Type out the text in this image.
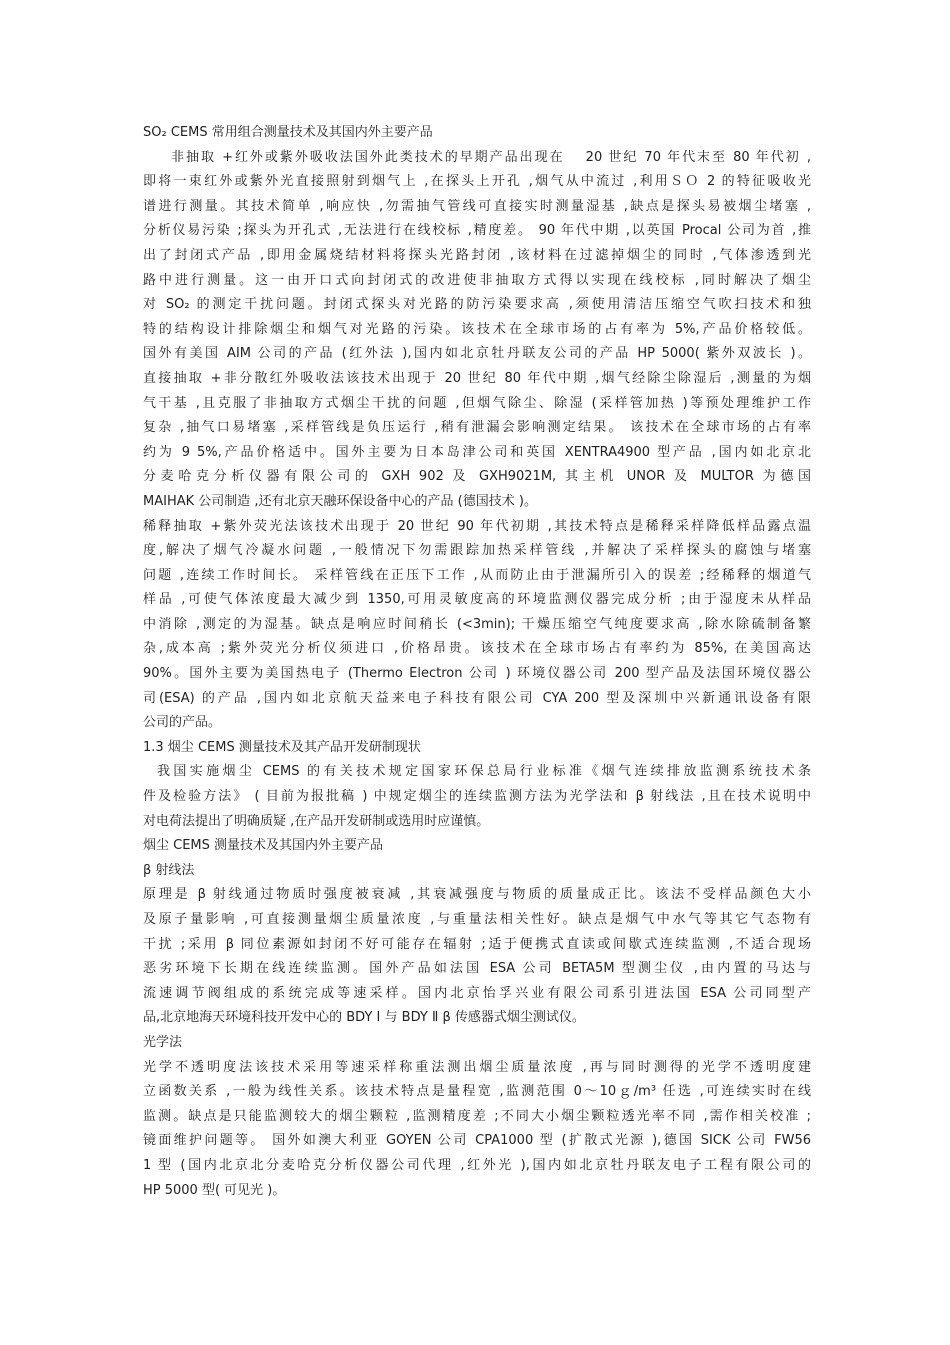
SO₂ CEMS 常用组合测量技术及其国内外主要产品
非抽取 +红外或紫外吸收法国外此类技术的早期产品出现在　 20 世纪 70 年代末至 80 年代初 ,
即将一束红外或紫外光直接照射到烟气上 ,在探头上开孔 ,烟气从中流过 ,利用ＳＯ 2 的特征吸收光
谱进行测量。其技术简单 ,响应快 ,勿需抽气管线可直接实时测量湿基 ,缺点是探头易被烟尘堵塞 ,
分析仪易污染 ;探头为开孔式 ,无法进行在线校标 ,精度差。 90 年代中期 ,以英国 Procal 公司为首 ,推
出了封闭式产品 ,即用金属烧结材料将探头光路封闭 ,该材料在过滤掉烟尘的同时 ,气体渗透到光
路中进行测量。这一由开口式向封闭式的改进使非抽取方式得以实现在线校标 ,同时解决了烟尘
对 SO₂ 的测定干扰问题。封闭式探头对光路的防污染要求高 ,须使用清洁压缩空气吹扫技术和独
特的结构设计排除烟尘和烟气对光路的污染。该技术在全球市场的占有率为 5%,产品价格较低。
国外有美国 AIM 公司的产品 (红外法 ),国内如北京牡丹联友公司的产品 HP 5000( 紫外双波长 )。
直接抽取 +非分散红外吸收法该技术出现于 20 世纪 80 年代中期 ,烟气经除尘除湿后 ,测量的为烟
气干基 ,且克服了非抽取方式烟尘干扰的问题 ,但烟气除尘、除湿 (采样管加热 )等预处理维护工作
复杂 ,抽气口易堵塞 ,采样管线是负压运行 ,稍有泄漏会影响测定结果。 该技术在全球市场的占有率
约为 9 5%,产品价格适中。国外主要为日本岛津公司和英国 XENTRA4900 型产品 ,国内如北京北
分麦哈克分析仪器有限公司的 GXH 902 及 GXH9021M, 其主机 UNOR 及 MULTOR 为德国
MAIHAK 公司制造 ,还有北京天融环保设备中心的产品 (德国技术 )。
稀释抽取 +紫外荧光法该技术出现于 20 世纪 90 年代初期 ,其技术特点是稀释采样降低样品露点温
度,解决了烟气冷凝水问题 ,一般情况下勿需跟踪加热采样管线 ,并解决了采样探头的腐蚀与堵塞
问题 ,连续工作时间长。 采样管线在正压下工作 ,从而防止由于泄漏所引入的误差 ;经稀释的烟道气
样品 ,可使气体浓度最大减少到 1350,可用灵敏度高的环境监测仪器完成分析 ;由于湿度未从样品
中消除 ,测定的为湿基。缺点是响应时间稍长 (<3min); 干燥压缩空气纯度要求高 ,除水除硫制备繁
杂,成本高 ;紫外荧光分析仪须进口 ,价格昂贵。该技术在全球市场占有率约为 85%, 在美国高达
90%。国外主要为美国热电子 (Thermo Electron 公司 ) 环境仪器公司 200 型产品及法国环境仪器公
司(ESA) 的产品 ,国内如北京航天益来电子科技有限公司 CYA 200 型及深圳中兴新通讯设备有限
公司的产品。
1.3 烟尘 CEMS 测量技术及其产品开发研制现状
我国实施烟尘 CEMS 的有关技术规定国家环保总局行业标准《烟气连续排放监测系统技术条
件及检验方法》 ( 目前为报批稿 ) 中规定烟尘的连续监测方法为光学法和 β 射线法 ,且在技术说明中
对电荷法提出了明确质疑 ,在产品开发研制或选用时应谨慎。
烟尘 CEMS 测量技术及其国内外主要产品
β 射线法
原理是 β 射线通过物质时强度被衰减 ,其衰减强度与物质的质量成正比。该法不受样品颜色大小
及原子量影响 ,可直接测量烟尘质量浓度 ,与重量法相关性好。缺点是烟气中水气等其它气态物有
干扰 ;采用 β 同位素源如封闭不好可能存在辐射 ;适于便携式直读或间歇式连续监测 ,不适合现场
恶劣环境下长期在线连续监测。国外产品如法国 ESA 公司 BETA5M 型测尘仪 ,由内置的马达与
流速调节阀组成的系统完成等速采样。国内北京怡孚兴业有限公司系引进法国 ESA 公司同型产
品,北京地海天环境科技开发中心的 BDY Ⅰ 与 BDY Ⅱ β 传感器式烟尘测试仪。
光学法
光学不透明度法该技术采用等速采样称重法测出烟尘质量浓度 ,再与同时测得的光学不透明度建
立函数关系 ,一般为线性关系。该技术特点是量程宽 ,监测范围 0～10ｇ/m³ 任选 ,可连续实时在线
监测。缺点是只能监测较大的烟尘颗粒 ,监测精度差 ;不同大小烟尘颗粒透光率不同 ,需作相关校准 ;
镜面维护问题等。 国外如澳大利亚 GOYEN 公司 CPA1000 型 (扩散式光源 ),德国 SICK 公司 FW56
1 型 (国内北京北分麦哈克分析仪器公司代理 ,红外光 ),国内如北京牡丹联友电子工程有限公司的
HP 5000 型( 可见光 )。
